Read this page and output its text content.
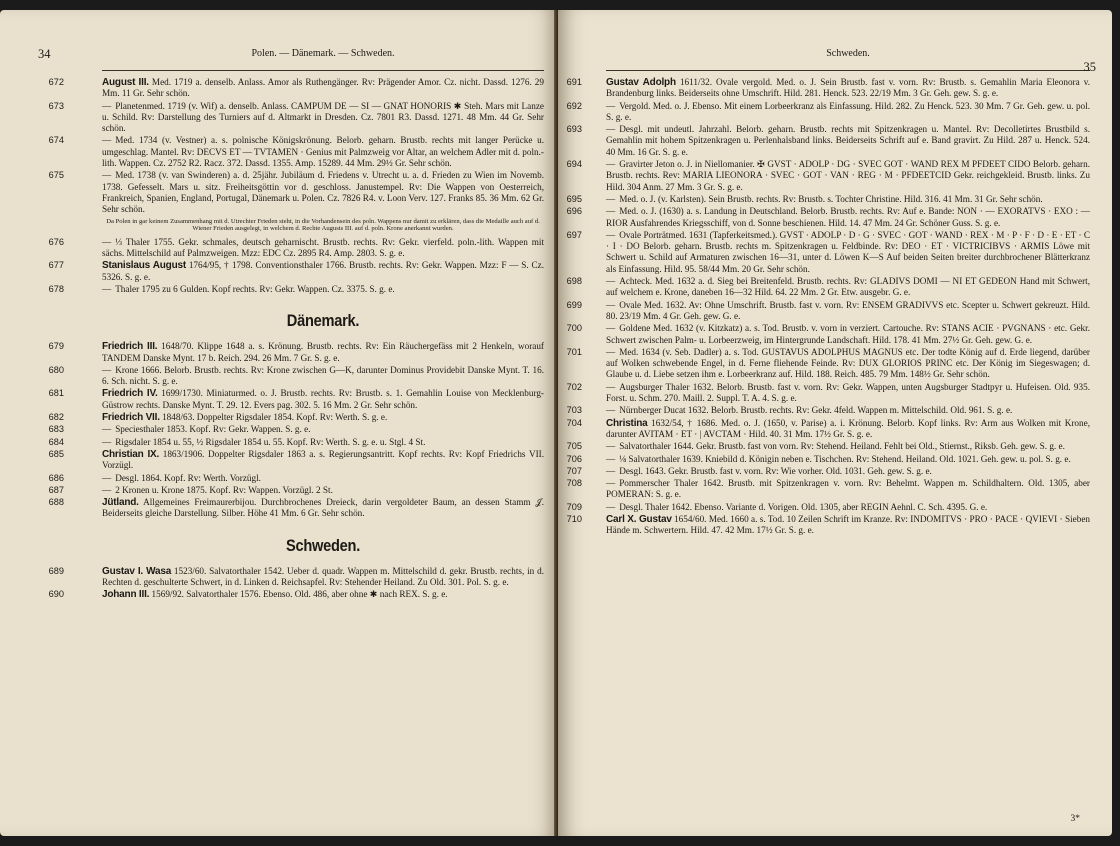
34	Polen. — Dänemark. — Schweden.
672	August III. Med. 1719 a. denselb. Anlass. Amor als Ruthengänger. Rv: Prägender Amor. Cz. nicht. Dassd. 1276. 29 Mm. 11 Gr. Sehr schön.
673	— Planetenmed. 1719 (v. Wif) a. denselb. Anlass. CAMPUM DE — SI — GNAT HONORIS ✱ Steh. Mars mit Lanze u. Schild. Rv: Darstellung des Turniers auf d. Altmarkt in Dresden. Cz. 7801 R3. Dassd. 1271. 48 Mm. 44 Gr. Sehr schön.
674	— Med. 1734 (v. Vestner) a. s. polnische Königskrönung. Belorb. geharn. Brustb. rechts mit langer Perücke u. umgeschlag. Mantel. Rv: DECVS ET — TVTAMEN · Genius mit Palmzweig vor Altar, an welchem Adler mit d. poln.-lith. Wappen. Cz. 2752 R2. Racz. 372. Dassd. 1355. Amp. 15289. 44 Mm. 29½ Gr. Sehr schön.
675	— Med. 1738 (v. van Swinderen) a. d. 25jähr. Jubiläum d. Friedens v. Utrecht u. a. d. Frieden zu Wien im Novemb. 1738. Gefesselt. Mars u. sitz. Freiheitsgöttin vor d. geschloss. Janustempel. Rv: Die Wappen von Oesterreich, Frankreich, Spanien, England, Portugal, Dänemark u. Polen. Cz. 7826 R4. v. Loon Verv. 127. Franks 85. 36 Mm. 62 Gr. Sehr schön.
Da Polen in gar keinem Zusammenhang mit d. Utrechter Frieden steht, in die Vorhandensein des poln. Wappens nur damit zu erklären, dass die Medaille auch auf d. Wiener Frieden ausgelegt, in welchem d. Rechte Augusts III. auf d. poln. Krone anerkannt wurden.
676	— ⅓ Thaler 1755. Gekr. schmales, deutsch geharnischt. Brustb. rechts. Rv: Gekr. vierfeld. poln.-lith. Wappen mit sächs. Mittelschild auf Palmzweigen. Mzz: EDC Cz. 2895 R4. Amp. 2803. S. g. e.
677	Stanislaus August 1764/95, † 1798. Conventionsthaler 1766. Brustb. rechts. Rv: Gekr. Wappen. Mzz: F — S. Cz. 5326. S. g. e.
678	— Thaler 1795 zu 6 Gulden. Kopf rechts. Rv: Gekr. Wappen. Cz. 3375. S. g. e.
Dänemark.
679	Friedrich III. 1648/70. Klippe 1648 a. s. Krönung. Brustb. rechts. Rv: Ein Räuchergefäss mit 2 Henkeln, worauf TANDEM Danske Mynt. 17 b. Reich. 294. 26 Mm. 7 Gr. S. g. e.
680	— Krone 1666. Belorb. Brustb. rechts. Rv: Krone zwischen G—K, darunter Dominus Providebit Danske Mynt. T. 16. 6. Sch. nicht. S. g. e.
681	Friedrich IV. 1699/1730. Miniaturmed. o. J. Brustb. rechts. Rv: Brustb. s. 1. Gemahlin Louise von Mecklenburg-Güstrow rechts. Danske Mynt. T. 29. 12. Evers pag. 302. 5. 16 Mm. 2 Gr. Sehr schön.
682	Friedrich VII. 1848/63. Doppelter Rigsdaler 1854. Kopf. Rv: Werth. S. g. e.
683	— Speciesthaler 1853. Kopf. Rv: Gekr. Wappen. S. g. e.
684	— Rigsdaler 1854 u. 55, ½ Rigsdaler 1854 u. 55. Kopf. Rv: Werth. S. g. e. u. Stgl. 4 St.
685	Christian IX. 1863/1906. Doppelter Rigsdaler 1863 a. s. Regierungsantritt. Kopf rechts. Rv: Kopf Friedrichs VII. Vorzügl.
686	— Desgl. 1864. Kopf. Rv: Werth. Vorzügl.
687	— 2 Kronen u. Krone 1875. Kopf. Rv: Wappen. Vorzügl. 2 St.
688	Jütland. Allgemeines Freimaurerbijou. Durchbrochenes Dreieck, darin vergoldeter Baum, an dessen Stamm 𝒥. Beiderseits gleiche Darstellung. Silber. Höhe 41 Mm. 6 Gr. Sehr schön.
Schweden.
689	Gustav I. Wasa 1523/60. Salvatorthaler 1542. Ueber d. quadr. Wappen m. Mittelschild d. gekr. Brustb. rechts, in d. Rechten d. geschulterte Schwert, in d. Linken d. Reichsapfel. Rv: Stehender Heiland. Zu Old. 301. Pol. S. g. e.
690	Johann III. 1569/92. Salvatorthaler 1576. Ebenso. Old. 486, aber ohne ✱ nach REX. S. g. e.
Schweden.
35
691 Gustav Adolph 1611/32. Ovale vergold. Med. o. J. Sein Brustb. fast v. vorn. Rv: Brustb. s. Gemahlin Maria Eleonora v. Brandenburg links. Beiderseits ohne Umschrift. Hild. 281. Henck. 523. 22/19 Mm. 3 Gr. Geh. gew. S. g. e.
692	— Vergold. Med. o. J. Ebenso. Mit einem Lorbeerkranz als Einfassung. Hild. 282. Zu Henck. 523. 30 Mm. 7 Gr. Geh. gew. u. pol. S. g. e.
693	— Desgl. mit undeutl. Jahrzahl. Belorb. geharn. Brustb. rechts mit Spitzenkragen u. Mantel. Rv: Decolletirtes Brustbild s. Gemahlin mit hohem Spitzenkragen u. Perlenhalsband links. Beiderseits Schrift auf e. Band gravirt. Zu Hild. 287 u. Henck. 524. 40 Mm. 16 Gr. S. g. e.
694	— Gravirter Jeton o. J. in Niellomanier. ✠ GVST · ADOLP · DG · SVEC GOT · WAND REX M PFDEET CIDO Belorb. geharn. Brustb. rechts. Rev: MARIA LIEONORA · SVEC · GOT · VAN · REG · M · PFDEETCID Gekr. reichgekleid. Brustb. links. Zu Hild. 304 Anm. 27 Mm. 3 Gr. S. g. e.
695	— Med. o. J. (v. Karlsten). Sein Brustb. rechts. Rv: Brustb. s. Tochter Christine. Hild. 316. 41 Mm. 31 Gr. Sehr schön.
696	— Med. o. J. (1630) a. s. Landung in Deutschland. Belorb. Brustb. rechts. Rv: Auf e. Bande: NON · — EXORATVS · EXO : — RIOR Ausfahrendes Kriegsschiff, von d. Sonne beschienen. Hild. 14. 47 Mm. 24 Gr. Schöner Guss. S. g. e.
697	— Ovale Porträtmed. 1631 (Tapferkeitsmed.). GVST · ADOLP · D · G · SVEC · GOT · WAND · REX · M · P · F · D · E · ET · C · I · DO Belorb. geharn. Brustb. rechts m. Spitzenkragen u. Feldbinde. Rv: DEO · ET · VICTRICIBVS · ARMIS Löwe mit Schwert u. Schild auf Armaturen zwischen 16—31, unter d. Löwen K—S Auf beiden Seiten breiter durchbrochener Blätterkranz als Einfassung. Hild. 95. 58/44 Mm. 20 Gr. Sehr schön.
698	— Achteck. Med. 1632 a. d. Sieg bei Breitenfeld. Brustb. rechts. Rv: GLADIVS DOMI — NI ET GEDEON Hand mit Schwert, auf welchem e. Krone, daneben 16—32 Hild. 64. 22 Mm. 2 Gr. Etw. ausgebr. G. e.
699	— Ovale Med. 1632. Av: Ohne Umschrift. Brustb. fast v. vorn. Rv: ENSEM GRADIVVS etc. Scepter u. Schwert gekreuzt. Hild. 80. 23/19 Mm. 4 Gr. Geh. gew. G. e.
700	— Goldene Med. 1632 (v. Kitzkatz) a. s. Tod. Brustb. v. vorn in verziert. Cartouche. Rv: STANS ACIE · PVGNANS · etc. Gekr. Schwert zwischen Palm- u. Lorbeerzweig, im Hintergrunde Landschaft. Hild. 178. 41 Mm. 27½ Gr. Geh. gew. G. e.
701	— Med. 1634 (v. Seb. Dadler) a. s. Tod. GUSTAVUS ADOLPHUS MAGNUS etc. Der todte König auf d. Erde liegend, darüber auf Wolken schwebende Engel, in d. Ferne fliehende Feinde. Rv: DUX GLORIOS PRINC etc. Der König im Siegeswagen; d. Glaube u. d. Liebe setzen ihm e. Lorbeerkranz auf. Hild. 188. Reich. 485. 79 Mm. 148½ Gr. Sehr schön.
702	— Augsburger Thaler 1632. Belorb. Brustb. fast v. vorn. Rv: Gekr. Wappen, unten Augsburger Stadtpyr u. Hufeisen. Old. 935. Forst. u. Schm. 270. Maill. 2. Suppl. T. A. 4. S. g. e.
703	— Nürnberger Ducat 1632. Belorb. Brustb. rechts. Rv: Gekr. 4feld. Wappen m. Mittelschild. Old. 961. S. g. e.
704 Christina 1632/54, † 1686. Med. o. J. (1650, v. Parise) a. i. Krönung. Belorb. Kopf links. Rv: Arm aus Wolken mit Krone, darunter AVITAM · ET · | AVCTAM · Hild. 40. 31 Mm. 17½ Gr. S. g. e.
705	— Salvatorthaler 1644. Gekr. Brustb. fast von vorn. Rv: Stehend. Heiland. Fehlt bei Old., Stiernst., Riksb. Geh. gew. S. g. e.
706	— ⅛ Salvatorthaler 1639. Kniebild d. Königin neben e. Tischchen. Rv: Stehend. Heiland. Old. 1021. Geh. gew. u. pol. S. g. e.
707	— Desgl. 1643. Gekr. Brustb. fast v. vorn. Rv: Wie vorher. Old. 1031. Geh. gew. S. g. e.
708	— Pommerscher Thaler 1642. Brustb. mit Spitzenkragen v. vorn. Rv: Behelmt. Wappen m. Schildhaltern. Old. 1305, aber POMERAN: S. g. e.
709	— Desgl. Thaler 1642. Ebenso. Variante d. Vorigen. Old. 1305, aber REGIN Aehnl. C. Sch. 4395. G. e.
710 Carl X. Gustav 1654/60. Med. 1660 a. s. Tod. 10 Zeilen Schrift im Kranze. Rv: INDOMITVS · PRO · PACE · QVIEVI · Sieben Hände m. Schwertern. Hild. 47. 42 Mm. 17½ Gr. S. g. e.
3*
